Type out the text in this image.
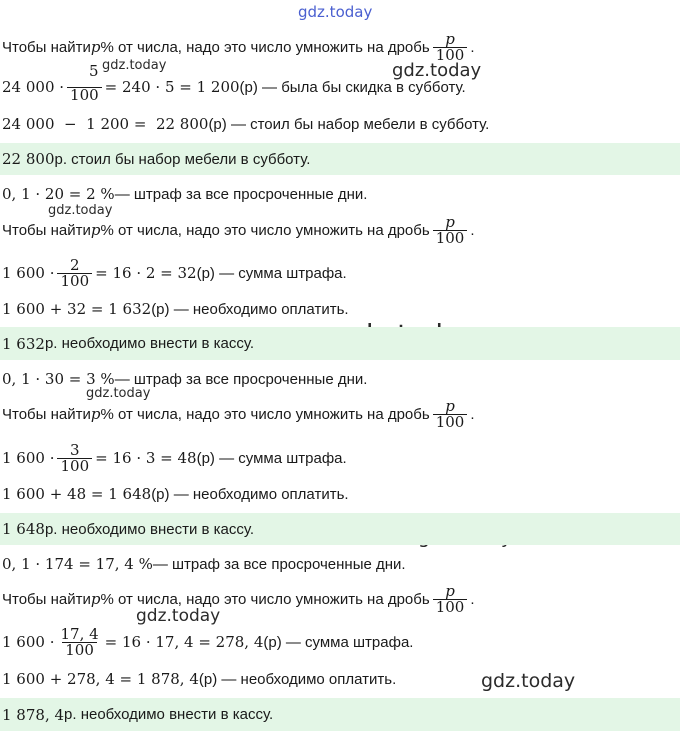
gdz.today
gdz.today	gdz.today
gdz.today
gdz.today
gdz.today
gdz.today
Чтобы найти p % от числа, надо это число умножить на дробь $\frac{p}{100}$ .
24 000 · 100 = 240 · 5 = 1 200 (р) — была бы скидка в субботу.
5
24 000  −  1 200 =  22 800 (р) — стоил бы набор мебели в субботу.
22 800 р. стоил бы набор мебели в субботу.
0, 1 · 20 = 2 % — штраф за все просроченные дни.
Чтобы найти p % от числа, надо это число умножить на дробь $\frac{p}{100}$ .
1 $600 \cdot \frac{2}{100} = 16 \cdot 2 = 32$ (р) — сумма штрафа.
1 600 + 32 = 1 632 (р) — необходимо оплатить.
1 632 р. необходимо внести в кассу.
0, 1 · 30 = 3 % — штраф за все просроченные дни.
Чтобы найти p % от числа, надо это число умножить на дробь $\frac{p}{100}$ .
1 $600 \cdot \frac{3}{100} = 16 \cdot 3 = 48$ (р) — сумма штрафа.
1 600 + 48 = 1 648 (р) — необходимо оплатить.
1 648 р. необходимо внести в кассу.
0, 1 · 174 = 17, 4 % — штраф за все просроченные дни.
Чтобы найти p % от числа, надо это число умножить на дробь $\frac{p}{100}$ .
1 $600 \cdot \frac{17, 4}{100} = 16 \cdot 17$, 4 = 278, 4 (р) — сумма штрафа.
1 600 + 278, 4 = 1 878, 4 (р) — необходимо оплатить.
1 878, 4 р. необходимо внести в кассу.
